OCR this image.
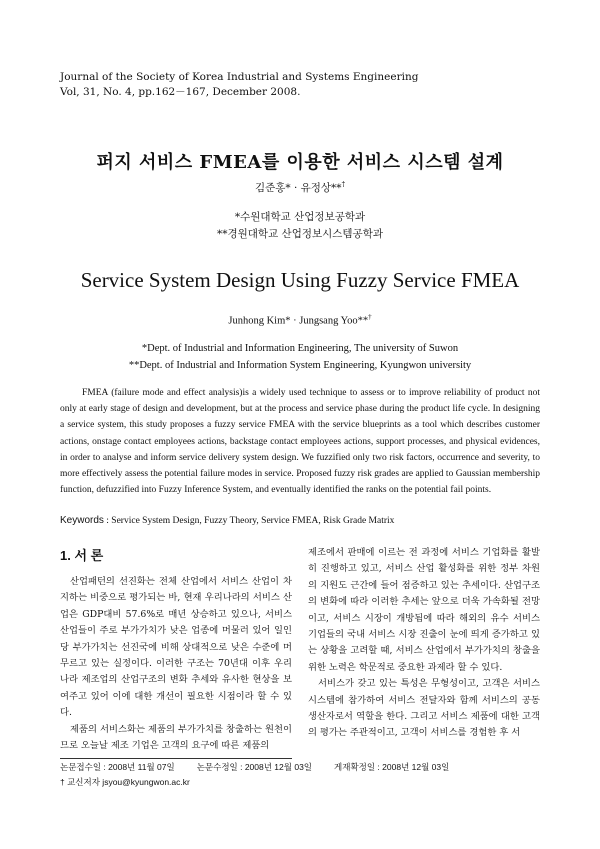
Journal of the Society of Korea Industrial and Systems Engineering
Vol, 31, No. 4, pp.162－167, December 2008.
퍼지 서비스 FMEA를 이용한 서비스 시스템 설계
김준홍* · 유정상**†
*수원대학교 산업정보공학과
**경원대학교 산업정보시스템공학과
Service System Design Using Fuzzy Service FMEA
Junhong Kim* · Jungsang Yoo**†
*Dept. of Industrial and Information Engineering, The university of Suwon
**Dept. of Industrial and Information System Engineering, Kyungwon university
FMEA (failure mode and effect analysis)is a widely used technique to assess or to improve reliability of product not only at early stage of design and development, but at the process and service phase during the product life cycle. In designing a service system, this study proposes a fuzzy service FMEA with the service blueprints as a tool which describes customer actions, onstage contact employees actions, backstage contact employees actions, support processes, and physical evidences, in order to analyse and inform service delivery system design. We fuzzified only two risk factors, occurrence and severity, to more effectively assess the potential failure modes in service. Proposed fuzzy risk grades are applied to Gaussian membership function, defuzzified into Fuzzy Inference System, and eventually identified the ranks on the potential fail points.
Keywords : Service System Design, Fuzzy Theory, Service FMEA, Risk Grade Matrix
1. 서 론

산업패턴의 선진화는 전체 산업에서 서비스 산업이 차지하는 비중으로 평가되는 바, 현재 우리나라의 서비스 산업은 GDP대비 57.6%로 매년 상승하고 있으나, 서비스 산업들이 주로 부가가치가 낮은 업종에 머물러 있어 일인당 부가가치는 선진국에 비해 상대적으로 낮은 수준에 머무르고 있는 실정이다. 이러한 구조는 70년대 이후 우리나라 제조업의 산업구조의 변화 추세와 유사한 현상을 보여주고 있어 이에 대한 개선이 필요한 시점이라 할 수 있다.

제품의 서비스화는 제품의 부가가치를 창출하는 원천이므로 오늘날 제조 기업은 고객의 요구에 따른 제품의

제조에서 판매에 이르는 전 과정에 서비스 기업화를 활발히 진행하고 있고, 서비스 산업 활성화를 위한 정부 차원의 지원도 근간에 들어 점증하고 있는 추세이다. 산업구조의 변화에 따라 이러한 추세는 앞으로 더욱 가속화될 전망이고, 서비스 시장이 개방됨에 따라 해외의 유수 서비스 기업들의 국내 서비스 시장 진출이 눈에 띄게 증가하고 있는 상황을 고려할 때, 서비스 산업에서 부가가치의 창출을 위한 노력은 학문적로 중요한 과제라 할 수 있다.

서비스가 갖고 있는 특성은 무형성이고, 고객은 서비스 시스템에 참가하여 서비스 전달자와 함께 서비스의 공동 생산자로서 역할을 한다. 그리고 서비스 제품에 대한 고객의 평가는 주관적이고, 고객이 서비스를 경험한 후 서

논문접수일 : 2008년 11월 07일	논문수정일 : 2008년 12월 03일	게재확정일 : 2008년 12월 03일
† 교신저자 jsyou@kyungwon.ac.kr
